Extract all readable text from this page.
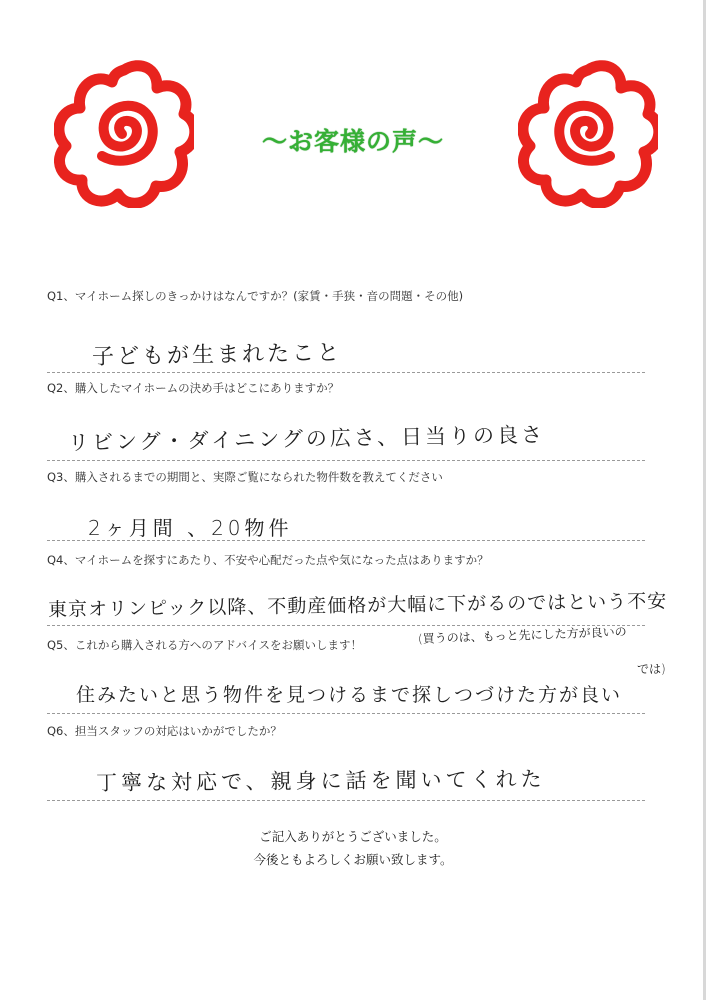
〜お客様の声〜
Q1、マイホーム探しのきっかけはなんですか？(家賃・手狭・音の問題・その他)
子どもが生まれたこと
Q2、購入したマイホームの決め手はどこにありますか？
リビング・ダイニングの広さ、日当りの良さ
Q3、購入されるまでの期間と、実際ご覧になられた物件数を教えてください
2ヶ月間 、20物件
Q4、マイホームを探すにあたり、不安や心配だった点や気になった点はありますか？
東京オリンピック以降、不動産価格が大幅に下がるのではという不安
(買うのは、もっと先にした方が良いの
では)
Q5、これから購入される方へのアドバイスをお願いします！
住みたいと思う物件を見つけるまで探しつづけた方が良い
Q6、担当スタッフの対応はいかがでしたか？
丁寧な対応で、親身に話を聞いてくれた
ご記入ありがとうございました。
今後ともよろしくお願い致します。
